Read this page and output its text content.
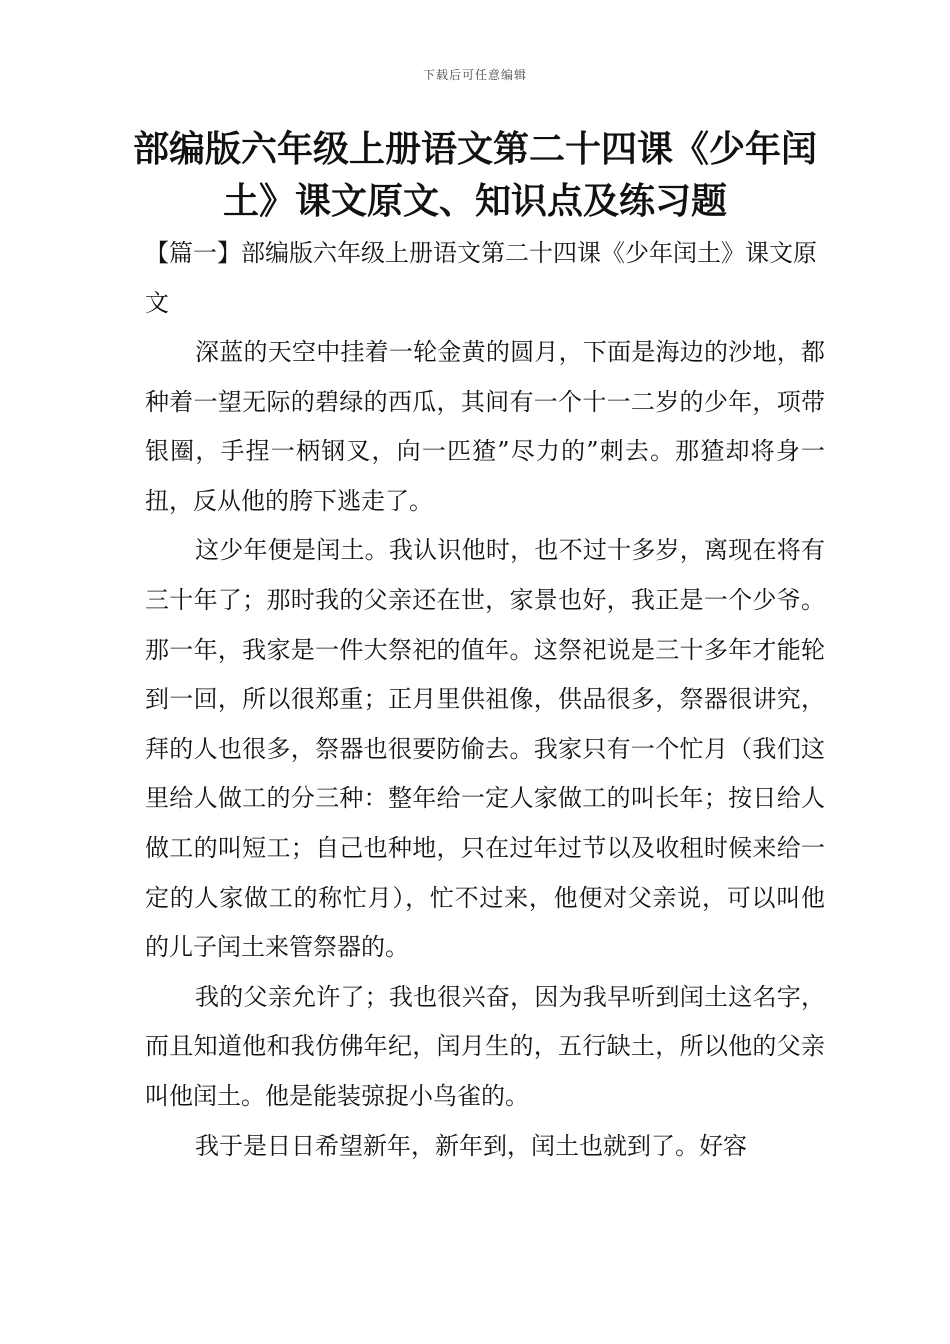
下载后可任意编辑
部编版六年级上册语文第二十四课《少年闰土》课文原文、知识点及练习题
【篇一】部编版六年级上册语文第二十四课《少年闰土》课文原文

深蓝的天空中挂着一轮金黄的圆月，下面是海边的沙地，都种着一望无际的碧绿的西瓜，其间有一个十一二岁的少年，项带银圈，手捏一柄钢叉，向一匹猹”尽力的”刺去。那猹却将身一扭，反从他的胯下逃走了。

这少年便是闰土。我认识他时，也不过十多岁，离现在将有三十年了；那时我的父亲还在世，家景也好，我正是一个少爷。那一年，我家是一件大祭祀的值年。这祭祀说是三十多年才能轮到一回，所以很郑重；正月里供祖像，供品很多，祭器很讲究，拜的人也很多，祭器也很要防偷去。我家只有一个忙月（我们这里给人做工的分三种：整年给一定人家做工的叫长年；按日给人做工的叫短工；自己也种地，只在过年过节以及收租时候来给一定的人家做工的称忙月），忙不过来，他便对父亲说，可以叫他的儿子闰土来管祭器的。

我的父亲允许了；我也很兴奋，因为我早听到闰土这名字，而且知道他和我仿佛年纪，闰月生的，五行缺土，所以他的父亲叫他闰土。他是能装弶捉小鸟雀的。

我于是日日希望新年，新年到，闰土也就到了。好容
